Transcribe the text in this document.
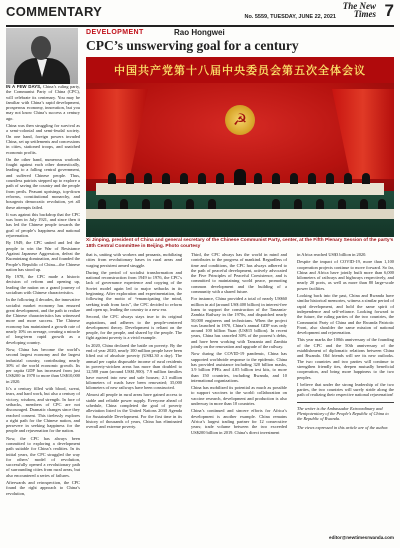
COMMENTARY	No. 5559, TUESDAY, JUNE 22, 2021
The New
Times 7

IN A FEW DAYS, China’s ruling party, the Communist Party of China (CPC), will celebrate its centenary. You may be familiar with China’s rapid development, prosperous economy, innovation, but you may not know China’s success a century ago.

China was then struggling for survival as a semi-colonial and semi-feudal society. On one hand, foreign powers invaded China, set up settlements and concessions in cities, stationed troops, and snatched economic profits.

On the other hand, numerous warlords fought against each other domestically, leading to a falling central government, and suffered Chinese people. Thus, countless patriots stepped up to explore a path of saving the country and the people from perils. Peasant uprisings, top-down reforms, constitutional monarchy, and bourgeois democratic revolution, yet all these attempts failed.

It was against this backdrop that the CPC was born in July 1921, and since then it has led the Chinese people towards the goal of people’s happiness and national rejuvenation.

By 1949, the CPC united and led the people to win the War of Resistance Against Japanese Aggression, defeat the Kuomintang domination, and founded the People’s Republic of China—the Chinese nation has stood up.

By 1978, the CPC made a historic decision of reform and opening up, leading the nation on a grand journey of socialism with Chinese characteristics.

In the following 4 decades, the innovative socialist market economy has ensured great development, and the path to realize the Chinese characteristics has witnessed more and more success. The Chinese economy has maintained a growth rate of nearly 10% on average, creating a miracle of long-term rapid growth as a developing country.

Now, China has become the world’s second largest economy and the largest industrial country, contributing nearly 30% of the world economic growth. Its per capita GDP has increased from just US$200 in 1978 to more than US$10,000 in 2020.

It’s a century filled with blood, sweat, tears, and hard work, but also a century of victory, wisdom, and strength. In face of setbacks, members of CPC are not discouraged. Dramatic changes since they reached consent. This tirelessly explores a right path for the Chinese nation, and persevere in seeking happiness for the people and rejuvenation for the nation.

Now, the CPC has always been committed to exploring a development path suitable for China’s realities. In its initial years, the CPC struggled the way for others’ model of revolution, successfully opened a revolutionary path of surrounding cities from rural areas, but also encountered a series of failures.

Afterwards and retrospection, the CPC found the right approach to China’s revolution,

DEVELOPMENT	Rao Hongwei
CPC’s unswerving goal for a century
中国共产党第十八届中央委员会第五次全体会议
☭
Xi Jinping, president of China and general secretary of the Chinese Communist Party, center, at the Fifth Plenary Session of the party’s 18th Central Committee in Beijing. Photo courtesy

that is, uniting with workers and peasants, mobilizing cities from revolutionary bases in rural areas and waging persistent armed struggle.

During the period of socialist transformation and national reconstruction from 1949 to 1976, the CPC’s lack of governance experience and copying of the Soviet model again led to major setbacks in its beginning. After exploration and experimentation, the following the motto of “emancipating the mind, seeking truth from facts”, the CPC decided to reform and open up, leading the country to a new era.

Second, the CPC always stays true to its original aspirations, and adheres to the people-centered development theory. Development is reliant on the people, for the people, and shared by the people. The fight against poverty is a vivid example.

In 2020, China declared the battle on poverty. By the end of year 2020, nearly 100 million people have been lifted out of absolute poverty (US$2.30 a day). The annual per capita disposable income of rural residents in poverty-stricken areas has more than doubled to 12,588 yuan (around US$1,900). 7.9 million families have moved into new and safe houses; 2.1 million kilometers of roads have been renovated; 35,000 kilometers of new railways have been constructed.

Almost all people in rural areas have gained access to stable and reliable power supply. Everyone ahead of schedule, China completed the goal of poverty alleviation listed in the United Nations 2030 Agenda for Sustainable Development. For the first time in its history of thousands of years, China has eliminated overall and extreme poverty.

Third, the CPC always has the world in mind and contributes to the progress of mankind. Regardless of time and conditions, the CPC has always adhered to the path of peaceful development, actively advocated the Five Principles of Peaceful Coexistence, and is committed to maintaining world peace, promoting common development and the building of a community with a shared future.

For instance, China provided a total of nearly US$60 million in aid (around US$ 400 billion) in interest-free loans to support the construction of the Tanzania-Zambia Railway in the 1970s, and dispatched nearly 50,000 engineers and technicians. When the project was launched in 1970, China’s annual GDP was only around 100 billion Yuan (US$15 billion). In recent years, China has canceled 30% of the poorest’s debts, and have been working with Tanzania and Zambia jointly on the renovation and upgrade of the railway.

Now during the COVID-19 pandemic, China has supported worldwide response to the epidemic. China has provided assistance including 320 billion masks, 3.9 billion PPEs and 4.05 billion test kits, to more than 150 countries, including Rwanda, and 10 international organizations.

China has mobilized its potential as much as possible to support vaccines to the world: collaboration on vaccine research, development and production is also underway in more than 10 countries.

China’s continued and sincere efforts for Africa’s development is another example. China remains Africa’s largest trading partner for 12 consecutive years; trade volume between the two exceeded US$200 billion in 2019. China’s direct investment

in Africa reached US$3 billion in 2020.

Despite the impact of COVID-19, more than 1,100 cooperation projects continue to move forward. So far, China and Africa have jointly built more than 6,000 kilometers of railways and highways respectively, and nearly 20 ports, as well as more than 80 large-scale power facilities.

Looking back into the past, China and Rwanda have similar historical memories, witness a similar period of rapid development, and hold the same spirit of independence and self-reliance. Looking forward to the future, the ruling parties of the two countries, the Communist Party of China and the Rwanda Patriotic Front, also shoulder the same mission of national development and rejuvenation.

This year marks the 100th anniversary of the founding of the CPC and the 50th anniversary of the establishment of diplomatic relations between China and Rwanda. Old friends will see its new outlooks. The two countries and two parties will continue to strengthen friendly ties, deepen mutually beneficial cooperation, and bring more happiness to the two peoples.

I believe that under the strong leadership of the two parties, the two countries will surely stride along the path of realizing their respective national rejuvenation!

The writer is the Ambassador Extraordinary and Plenipotentiary of the People’s Republic of China to the Republic of Rwanda.

The views expressed in this article are of the author.

editor@newtimesrwanda.com
